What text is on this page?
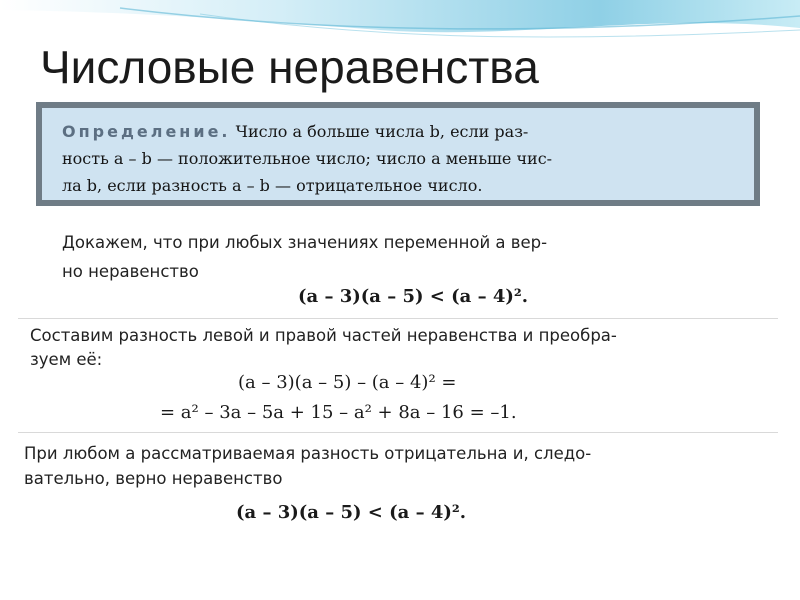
Числовые неравенства
Определение. Число а больше числа b, если раз-
ность а – b — положительное число; число а меньше чис-
ла b, если разность а – b — отрицательное число.
Докажем, что при любых значениях переменной а вер-
но неравенство
(a – 3)(a – 5) < (a – 4)².
Составим разность левой и правой частей неравенства и преобра-
зуем её:
(a – 3)(a – 5) – (a – 4)² =
= a² – 3a – 5a + 15 – a² + 8a – 16 = –1.
При любом а рассматриваемая разность отрицательна и, следо-
вательно, верно неравенство
(a – 3)(a – 5) < (a – 4)².
